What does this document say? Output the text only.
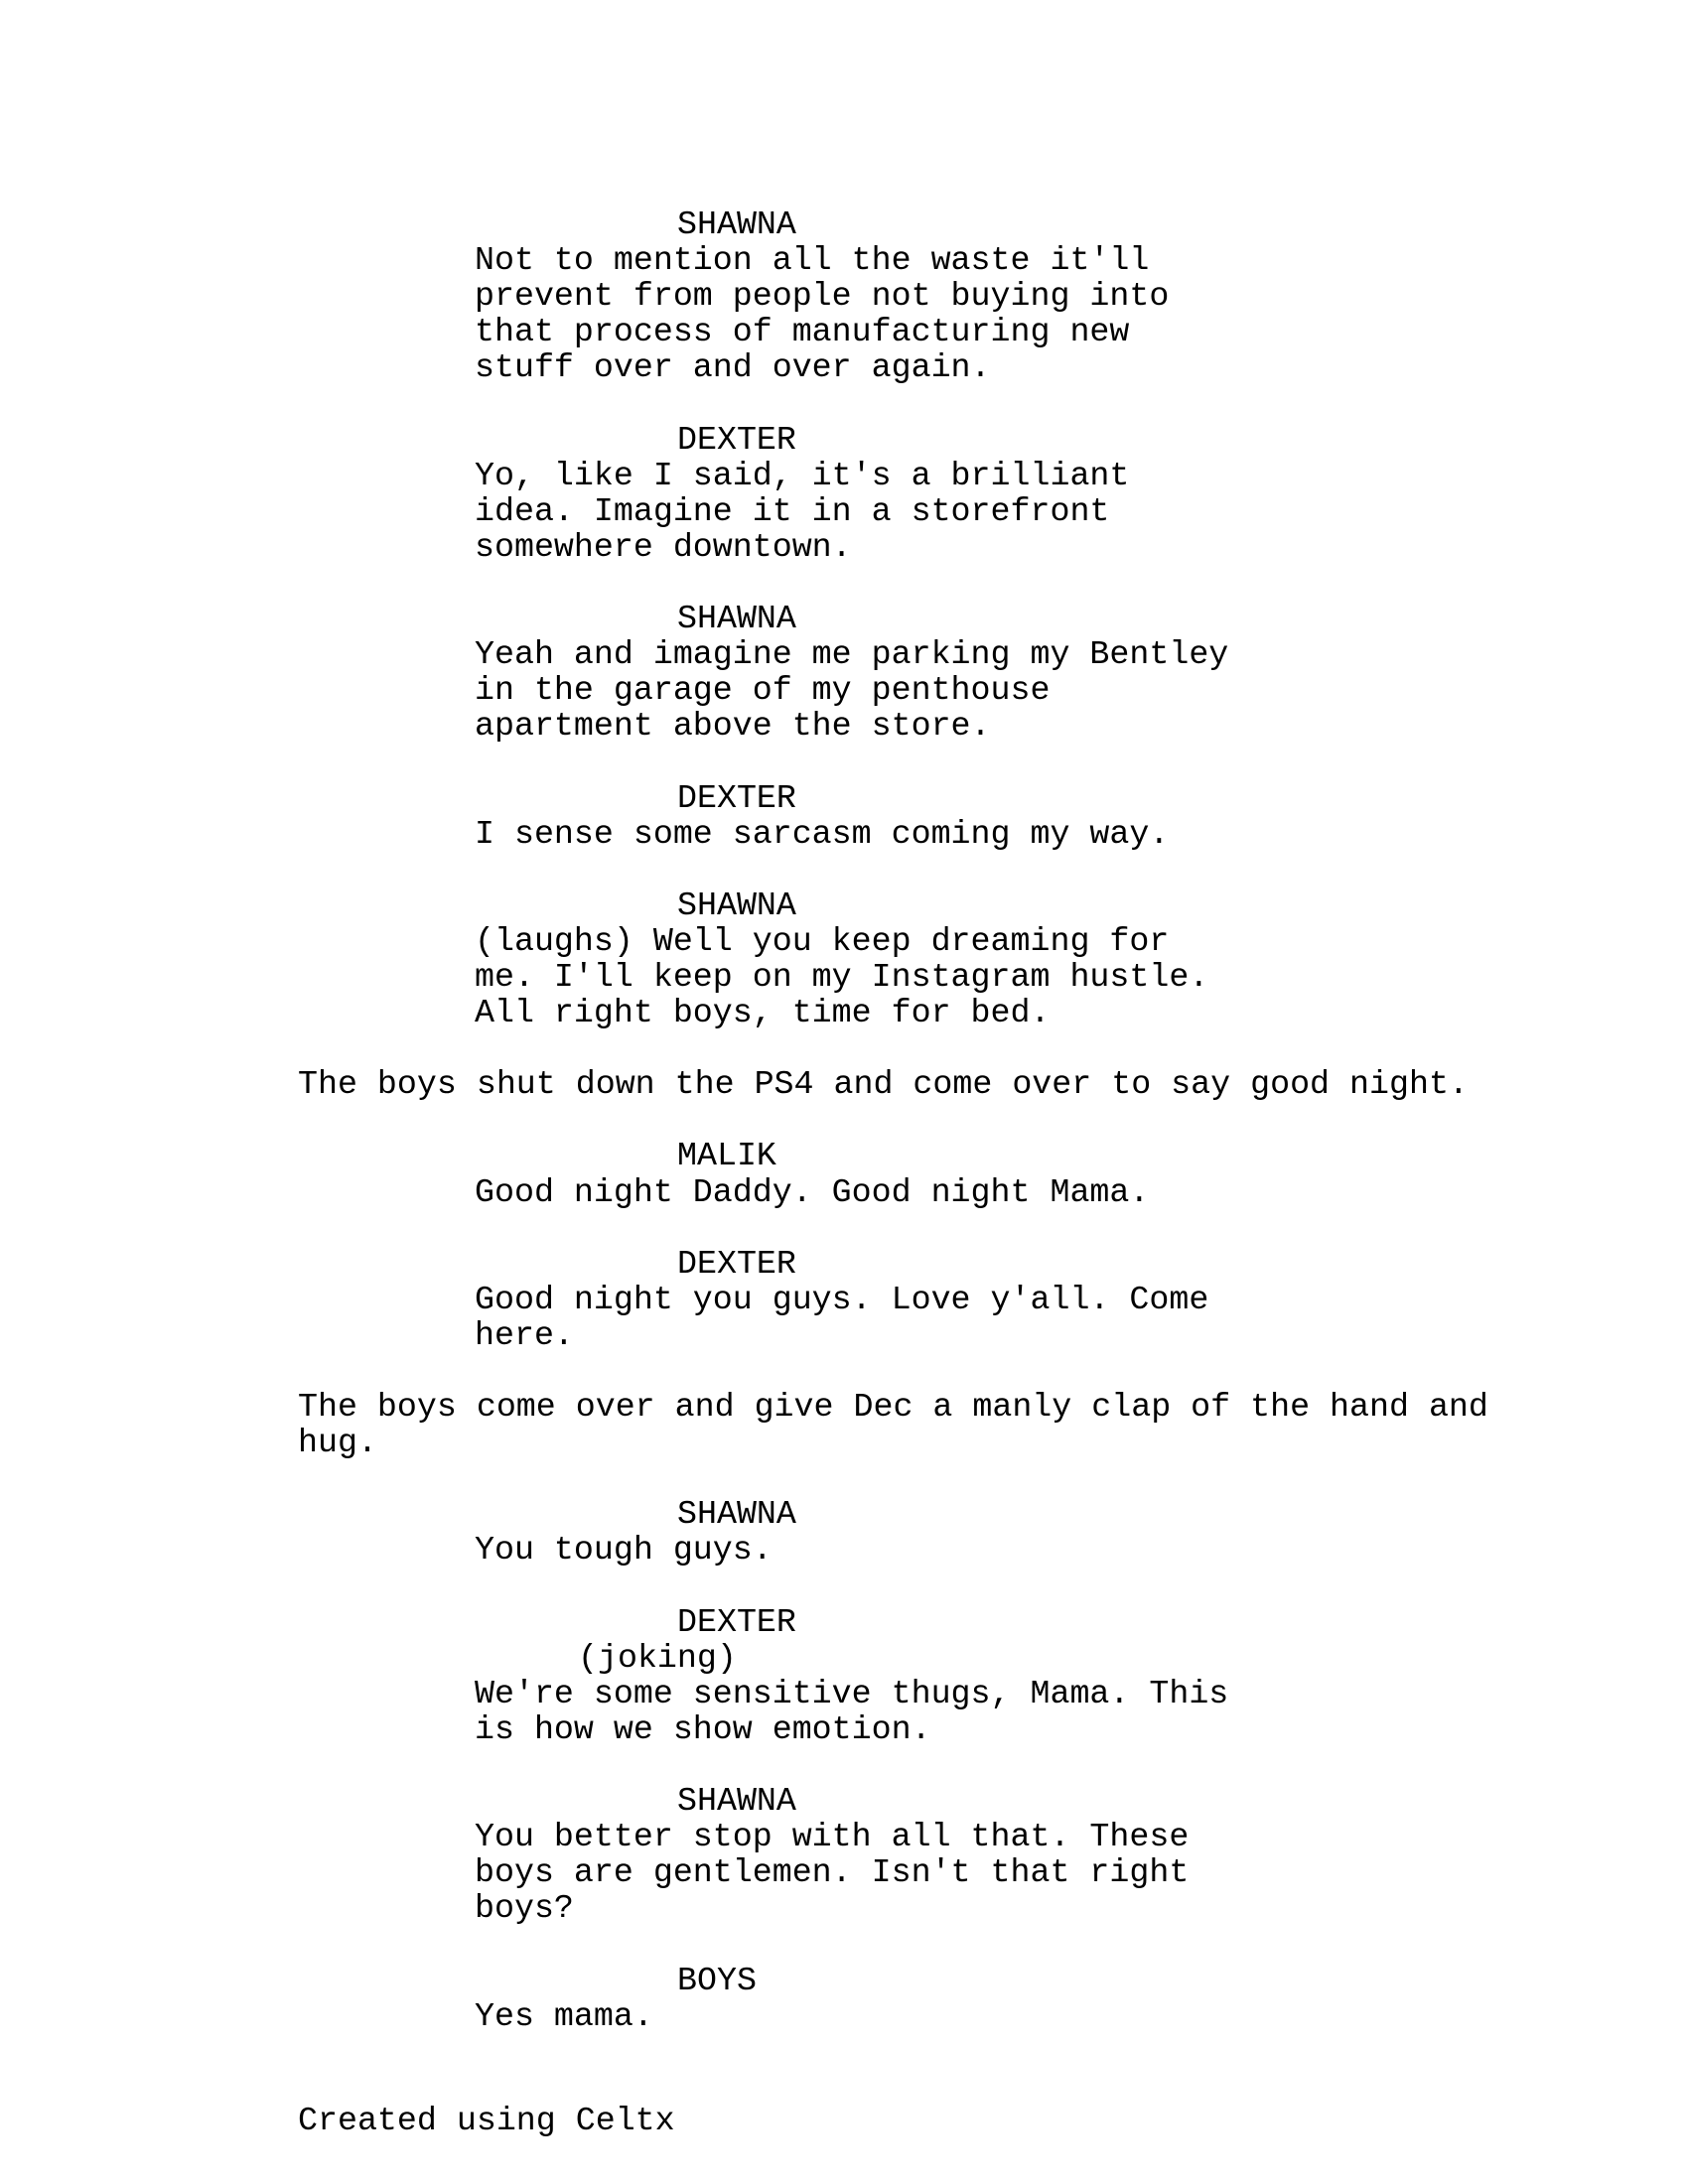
SHAWNA
Not to mention all the waste it'll
prevent from people not buying into
that process of manufacturing new
stuff over and over again.
DEXTER
Yo, like I said, it's a brilliant
idea. Imagine it in a storefront
somewhere downtown.
SHAWNA
Yeah and imagine me parking my Bentley
in the garage of my penthouse
apartment above the store.
DEXTER
I sense some sarcasm coming my way.
SHAWNA
(laughs) Well you keep dreaming for
me. I'll keep on my Instagram hustle.
All right boys, time for bed.
The boys shut down the PS4 and come over to say good night.
MALIK
Good night Daddy. Good night Mama.
DEXTER
Good night you guys. Love y'all. Come
here.
The boys come over and give Dec a manly clap of the hand and
hug.
SHAWNA
You tough guys.
DEXTER
(joking)
We're some sensitive thugs, Mama. This
is how we show emotion.
SHAWNA
You better stop with all that. These
boys are gentlemen. Isn't that right
boys?
BOYS
Yes mama.
Created using Celtx
